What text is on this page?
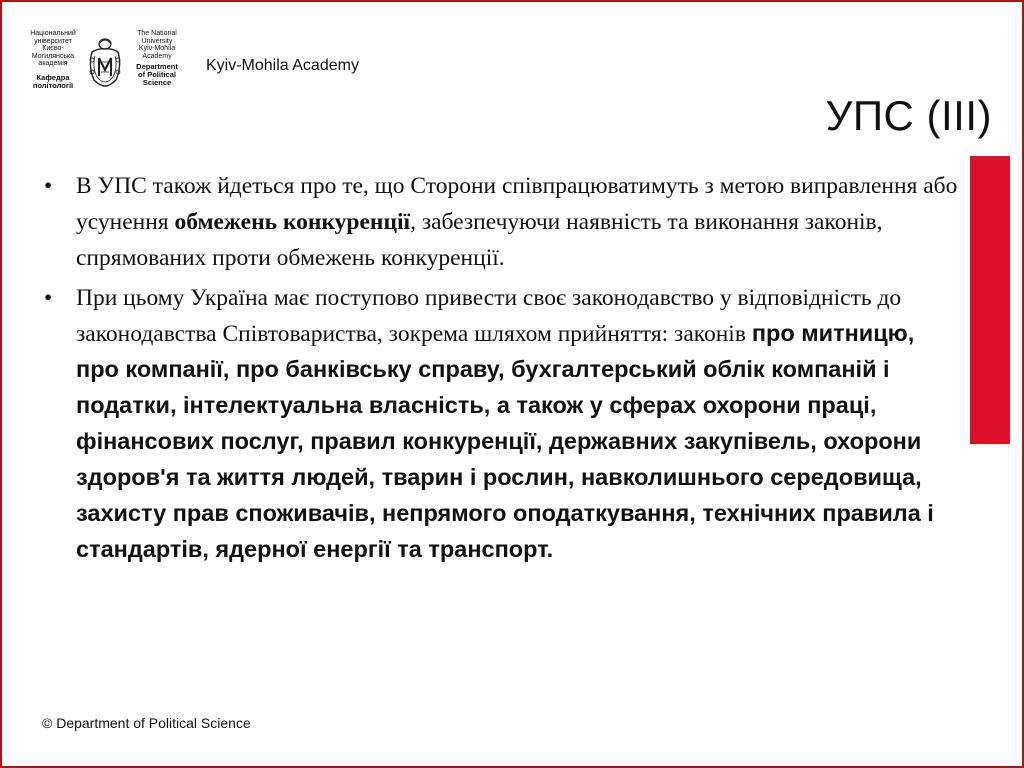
Національний
університет
Києво-
Могилянська
академія
Кафедра
політології
The National
University
Kyiv-Mohila
Academy
Department
of Political
Science
Kyiv-Mohila Academy
УПС (ІІІ)
• В УПС також йдеться про те, що Сторони співпрацюватимуть з метою виправлення або усунення обмежень конкуренції, забезпечуючи наявність та виконання законів, спрямованих проти обмежень конкуренції.
• При цьому Україна має поступово привести своє законодавство у відповідність до законодавства Співтовариства, зокрема шляхом прийняття: законів про митницю, про компанії, про банківську справу, бухгалтерський облік компаній і податки, інтелектуальна власність, а також у сферах охорони праці, фінансових послуг, правил конкуренції, державних закупівель, охорони здоров'я та життя людей, тварин і рослин, навколишнього середовища, захисту прав споживачів, непрямого оподаткування, технічних правила і стандартів, ядерної енергії та транспорт.
© Department of Political Science
